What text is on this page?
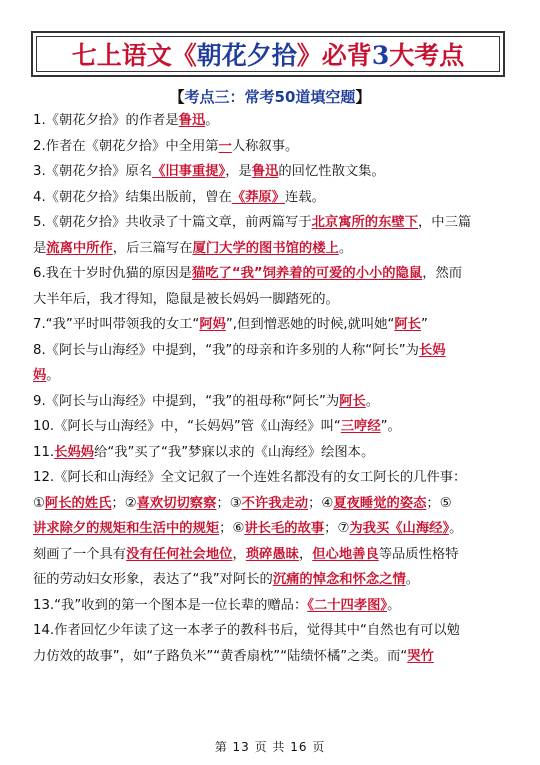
七上语文《朝花夕拾》必背3大考点
【考点三：常考50道填空题】
1.《朝花夕拾》的作者是鲁迅。
2.作者在《朝花夕拾》中全用第一人称叙事。
3.《朝花夕拾》原名《旧事重提》，是鲁迅的回忆性散文集。
4.《朝花夕拾》结集出版前，曾在《莽原》连载。
5.《朝花夕拾》共收录了十篇文章，前两篇写于北京寓所的东壁下，中三篇
是流离中所作，后三篇写在厦门大学的图书馆的楼上。
6.我在十岁时仇猫的原因是猫吃了“我”饲养着的可爱的小小的隐鼠，然而
大半年后，我才得知，隐鼠是被长妈妈一脚踏死的。
7.“我”平时叫带领我的女工“阿妈”,但到憎恶她的时候,就叫她“阿长”
8.《阿长与山海经》中提到，“我”的母亲和许多别的人称“阿长”为长妈
妈。
9.《阿长与山海经》中提到，“我”的祖母称“阿长”为阿长。
10.《阿长与山海经》中，“长妈妈”管《山海经》叫“三哼经”。
11.长妈妈给“我”买了“我”梦寐以求的《山海经》绘图本。
12.《阿长和山海经》全文记叙了一个连姓名都没有的女工阿长的几件事：
①阿长的姓氏；②喜欢切切察察；③不许我走动；④夏夜睡觉的姿态；⑤
讲求除夕的规矩和生活中的规矩；⑥讲长毛的故事；⑦为我买《山海经》。
刻画了一个具有没有任何社会地位，琐碎愚昧，但心地善良等品质性格特
征的劳动妇女形象，表达了“我”对阿长的沉痛的悼念和怀念之情。
13.“我”收到的第一个图本是一位长辈的赠品：《二十四孝图》。
14.作者回忆少年读了这一本孝子的教科书后，觉得其中“自然也有可以勉
力仿效的故事”，如“子路负米”“黄香扇枕”“陆绩怀橘”之类。而“哭竹
第 13 页 共 16 页
